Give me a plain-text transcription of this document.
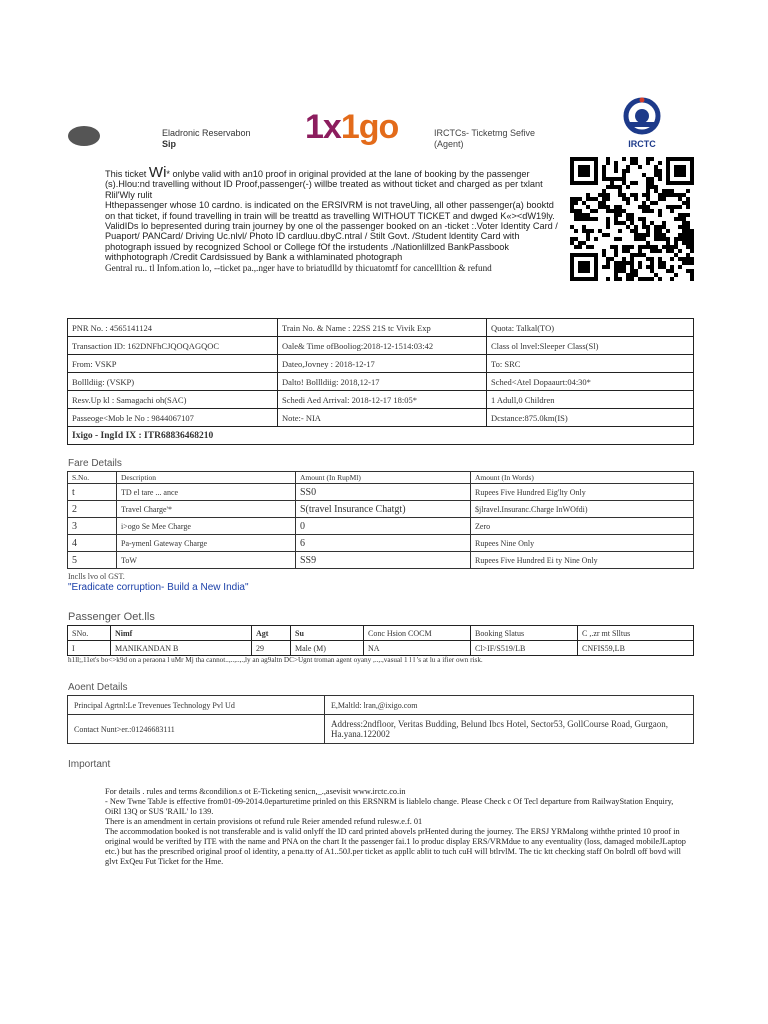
Eladronic Reservabon
Sip	1x1go	IRCTCs- Ticketmg Sefive
(Agent)	IRCTC

This ticket Wi* onlybe valid with an10 proof in original provided at the lane of booking by the passenger (s).Hlou:nd travelling without ID Proof,passenger(-) willbe treated as without ticket and charged as per txlant Rlil'Wly rulit

Hthepassenger whose 10 cardno. is indicated on the ERSlVRM is not traveUing, all other passenger(a) booktd on that ticket, if found travelling in train will be treattd as travelling WITHOUT TICKET and dwged K«><dW19ly.

ValidIDs lo bepresented during train journey by one ol the passenger booked on an -ticket :.Voter Identity Card / Puaport/ PANCard/ Driving Uc.nlvl/ Photo ID cardluu.dbyC.ntral / Stilt Govt. /Student ldentity Card with photograph issued by recognized School or College fOf the irstudents ./Nationlillzed BankPassbook withphotograph /Credit Cardsissued by Bank a withlaminated photograph

Gentral ru.. tl Infom.ation lo, --ticket pa.,.nger have to briatudlld by thicuatomtf for cancellltion & refund

PNR No. : 4565141124	Train No. & Name : 22SS 21S tc Vivik Exp	Quota: Talkal(TO)
Transaction ID: 162DNFhCJQOQAGQOC	Oale& Time ofBooliog:2018-12-1514:03:42	Class ol lnvel:Sleeper Class(Sl)
From: VSKP	Dateo,Jovney : 2018-12-17	To: SRC
Bollldiig: (VSKP)	Dalto! Bollldiig: 2018,12-17	Sched<Atel Dopaaurt:04:30*
Resv.Up kl : Samagachi oh(SAC)	Schedi Aed Arrival: 2018-12-17 18:05*	1 Adull,0 Children
Passeoge<Mob le No : 9844067107	Note:- NIA	Dcstance:875.0km(IS)
Ixigo - IngId IX : ITR68836468210		
Fare Details
S.No.	Description	Amount (In RupMl)	Amount (In Words)
t	TD el tare ... ance	SS0	Rupees Five Hundred Eig'lty Only
2	Travel Charge'*	S(travel Insurance Chatgt)	$jlravel.Insuranc.Charge InWOfdi)
3	i>ogo Se Mee Charge	0	Zero
4	Pa-ymenl Gateway Charge	6	Rupees Nine Only
5	ToW	SS9	Rupees Five Hundred Ei ty Nine Only
Inclls lvo ol GST.
"Eradicate corruption- Build a New India"
Passenger Oet.lls
SNo.	Nimf	Agt	Su	Conc Hsion COCM	Booking Slatus	C ,.zr mt Slltus
I	MANIKANDAN B	29	Male (M)	NA	Cl>IF/S519/LB	CNFIS59,LB
h1ll;,11et's bo<>k9d on a peraona l uMr Mj tha cannot..,..,..,.,ly an ag9altn DC>Ugnt troman agent oyany ,..,.,vasual 1 l l 's at lu a ifier own risk.
Aoent Details
Principal Agrtnl:Le Trevenues Technology Pvl Ud	E,Maltld: lran,@ixigo.com
Contact Nunt>er.:01246683111	Address:2ndfloor, Veritas Budding, Belund Ibcs Hotel, Sector53, GollCourse Road, Gurgaon, Ha.yana.122002
Important

For details . rules and terms &condilion.s ot E-Ticketing senicn,_.,asevisit www.irctc.co.in

- New Twne TabJe is effective from01-09-2014.0eparturetime prinled on this ERSNRM is liablelo change. Please Check c Of Tecl departure from RailwayStation Enquiry, OiRl 13Q or SUS 'RAIL' lo 139.

There is an amendment in certain provisions ot refund rule Reier amended refund rulesw.e.f. 01

The accommodation booked is not transferable and is valid onlyff the ID card printed abovels prHented during the journey. The ERSJ YRMalong withthe printed 10 proof in original would be verifted by ITE with the name and PNA on the chart It the passenger fai.1 lo produc display ERS/VRMdue to any eventuality (loss, damaged mobileJLaptop etc.) but has the prescribed original proof ol identity, a pena.tty of A1..50J.per ticket as appllc ablit to tuch cuH will btlrvlM. The tic ktt checking staff On bolrdl off bovd will glvt ExQeu Fut Ticket for the Hme.
